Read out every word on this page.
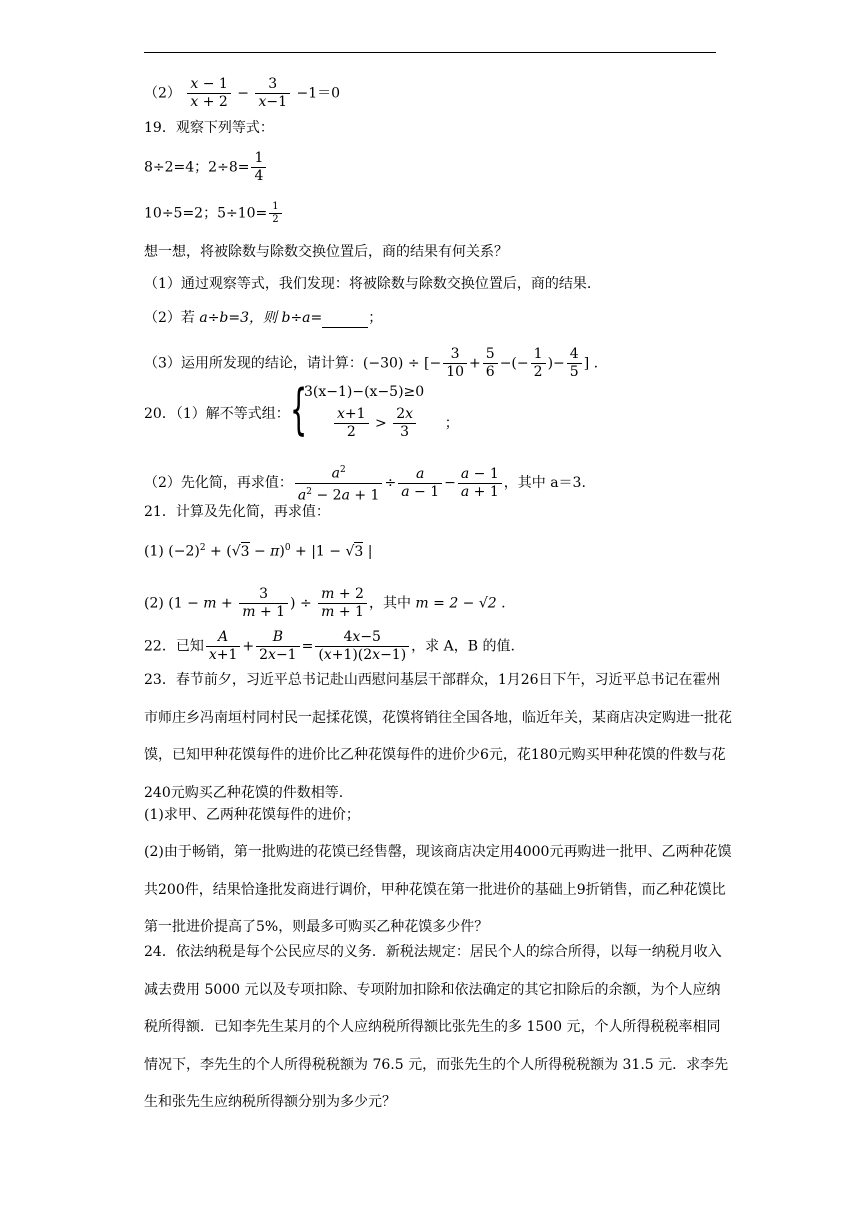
$(2) \frac{x - 1}{x + 2} - \frac{3}{x-1} -1=0$
19．观察下列等式：
8÷2=4；$2\div 8= \frac{1}{4}$
10÷5=2；$5\div 10= \frac{1}{2}$
想一想，将被除数与除数交换位置后，商的结果有何关系？
（1）通过观察等式，我们发现：将被除数与除数交换位置后，商的结果.
（2）若 a÷b=3，则 b÷a=	；
（3）运用所发现的结论，请计算：(−30) ÷ [− $\frac{3}{10} + \frac{5}{6}$ −(− $\frac{1}{2}$ )− $\frac{4}{5}$ ] .
20．（1）解不等式组： {
3(x−1)−(x−5)≥0
$\frac{x+1}{2} > \frac{2x}{3}$ ；
（2）先化简，再求值： $\frac{a^2}{a^2 - 2a + 1} \div \frac{a}{a - 1} - \frac{a - 1}{a + 1}$ ，其中 a＝3.
21．计算及先化简，再求值：
(1) $(-2)^2 + (√3 - \pi)^0 + |1 - √3$ |
(2) ($1 - m + \frac{3}{m + 1}$ ) ÷ $\frac{m + 2}{m + 1}$ ，其中 m = 2 − √2 .
22．已知 $\frac{A}{x+1} + \frac{B}{2x-1} = \frac{4x-5}{(x+1)(2x-1)}$ ，求 A，B 的值.
23．春节前夕，习近平总书记赴山西慰问基层干部群众，1月26日下午，习近平总书记在霍州市师庄乡冯南垣村同村民一起揉花馍，花馍将销往全国各地，临近年关，某商店决定购进一批花馍，已知甲种花馍每件的进价比乙种花馍每件的进价少6元，花180元购买甲种花馍的件数与花240元购买乙种花馍的件数相等.
(1)求甲、乙两种花馍每件的进价；
(2)由于畅销，第一批购进的花馍已经售罄，现该商店决定用4000元再购进一批甲、乙两种花馍共200件，结果恰逢批发商进行调价，甲种花馍在第一批进价的基础上9折销售，而乙种花馍比第一批进价提高了5%，则最多可购买乙种花馍多少件？
24．依法纳税是每个公民应尽的义务．新税法规定：居民个人的综合所得，以每一纳税月收入减去费用 5000 元以及专项扣除、专项附加扣除和依法确定的其它扣除后的余额，为个人应纳税所得额．已知李先生某月的个人应纳税所得额比张先生的多 1500 元，个人所得税税率相同情况下，李先生的个人所得税税额为 76.5 元，而张先生的个人所得税税额为 31.5 元．求李先生和张先生应纳税所得额分别为多少元？
